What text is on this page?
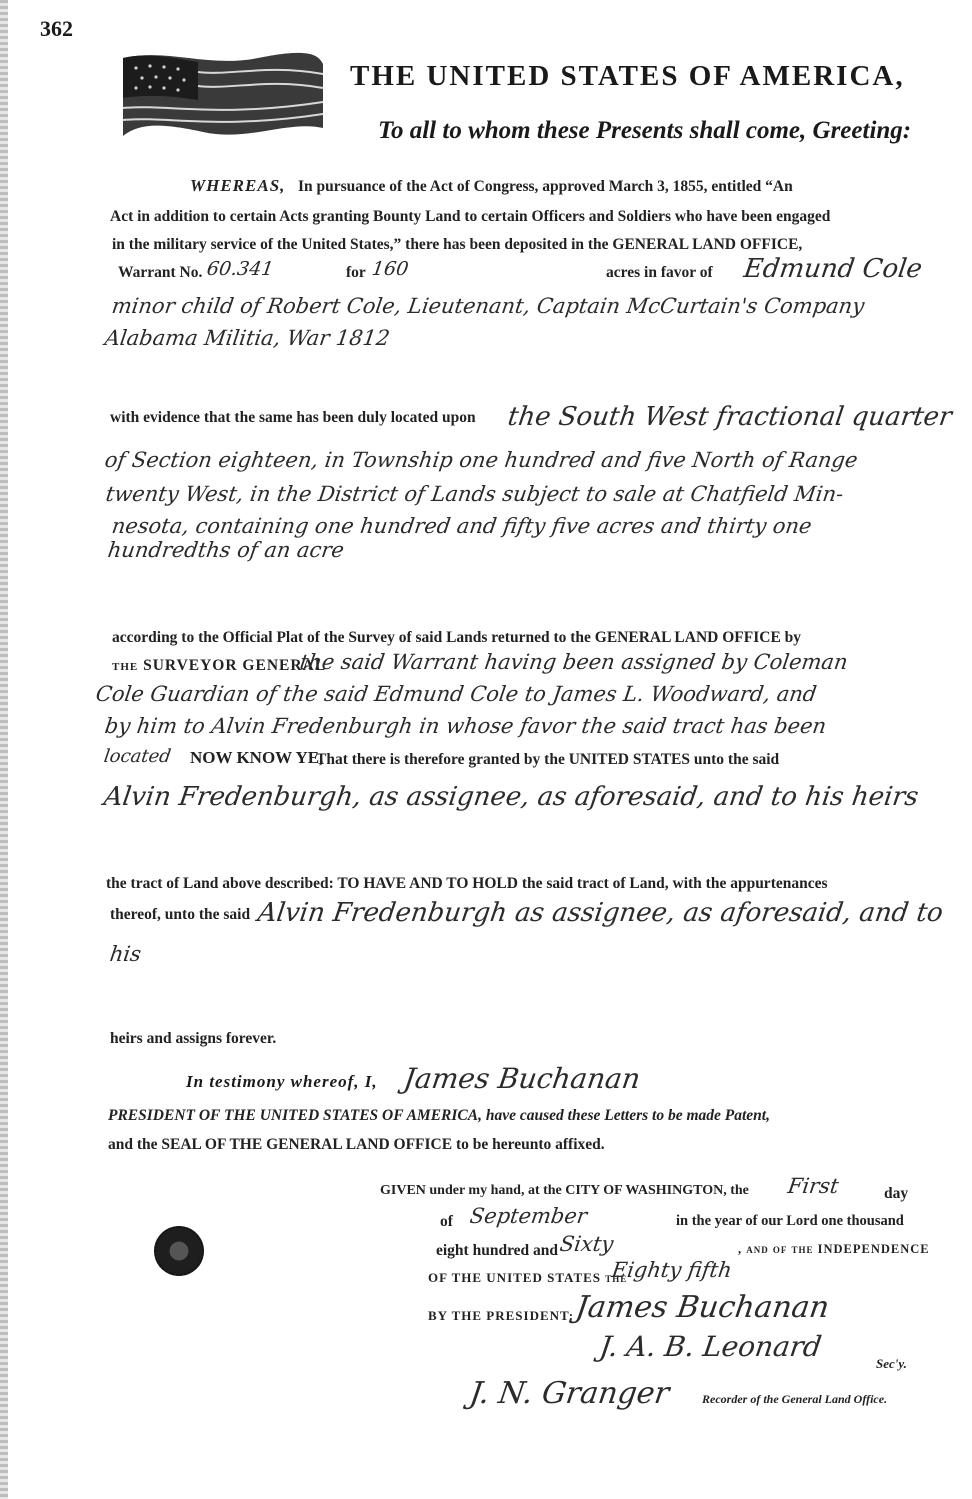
362
THE UNITED STATES OF AMERICA,
To all to whom these Presents shall come, Greeting:
WHEREAS, In pursuance of the Act of Congress, approved March 3, 1855, entitled “An
Act in addition to certain Acts granting Bounty Land to certain Officers and Soldiers who have been engaged
in the military service of the United States,” there has been deposited in the GENERAL LAND OFFICE,
Warrant No. 60.341	for 160	acres in favor of Edmund Cole
minor child of Robert Cole, Lieutenant, Captain McCurtain's Company
Alabama Militia, War 1812
with evidence that the same has been duly located upon the South West fractional quarter
of Section eighteen, in Township one hundred and five North of Range
twenty West, in the District of Lands subject to sale at Chatfield Min-
nesota, containing one hundred and fifty five acres and thirty one
hundredths of an acre
according to the Official Plat of the Survey of said Lands returned to the GENERAL LAND OFFICE by
the SURVEYOR GENERAL
the said Warrant having been assigned by Coleman
Cole Guardian of the said Edmund Cole to James L. Woodward, and
by him to Alvin Fredenburgh in whose favor the said tract has been
located NOW KNOW YE,
That there is therefore granted by the UNITED STATES unto the said
Alvin Fredenburgh, as assignee, as aforesaid, and to his heirs
the tract of Land above described: TO HAVE AND TO HOLD the said tract of Land, with the appurtenances
thereof, unto the said Alvin Fredenburgh as assignee, as aforesaid, and to
his
heirs and assigns forever.
In testimony whereof, I, James Buchanan
PRESIDENT OF THE UNITED STATES OF AMERICA, have caused these Letters to be made Patent,
and the SEAL OF THE GENERAL LAND OFFICE to be hereunto affixed.
GIVEN under my hand, at the CITY OF WASHINGTON, the First	day
of September	in the year of our Lord one thousand
eight hundred and Sixty	, and of the INDEPENDENCE
OF THE UNITED STATES the
Eighty fifth
BY THE PRESIDENT: James Buchanan
J. A. B. Leonard
Sec'y.
J. N. Granger	Recorder of the General Land Office.
